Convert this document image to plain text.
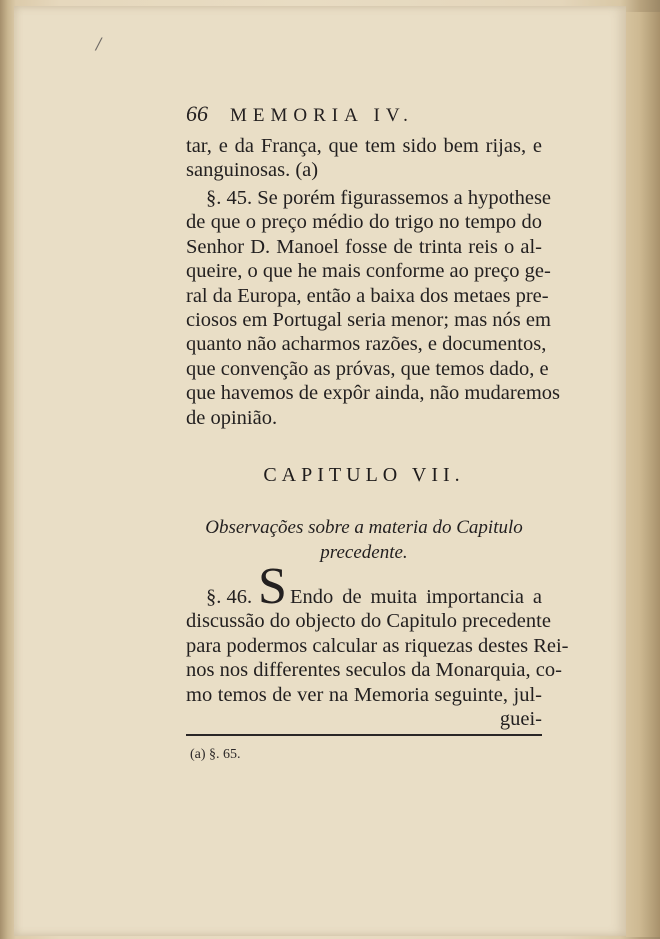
/
66 MEMORIA IV.
tar, e da França, que tem sido bem rijas, e
sanguinosas. (a)
§. 45. Se porém figurassemos a hypothese
de que o preço médio do trigo no tempo do
Senhor D. Manoel fosse de trinta reis o al-
queire, o que he mais conforme ao preço ge-
ral da Europa, então a baixa dos metaes pre-
ciosos em Portugal seria menor; mas nós em
quanto não acharmos razões, e documentos,
que convenção as próvas, que temos dado, e
que havemos de expôr ainda, não mudaremos
de opinião.
CAPITULO VII.
Observações sobre a materia do Capitulo precedente.
§. 46. S Endo de muita importancia a
discussão do objecto do Capitulo precedente
para podermos calcular as riquezas destes Rei-
nos nos differentes seculos da Monarquia, co-
mo temos de ver na Memoria seguinte, jul-
guei-
(a) §. 65.
